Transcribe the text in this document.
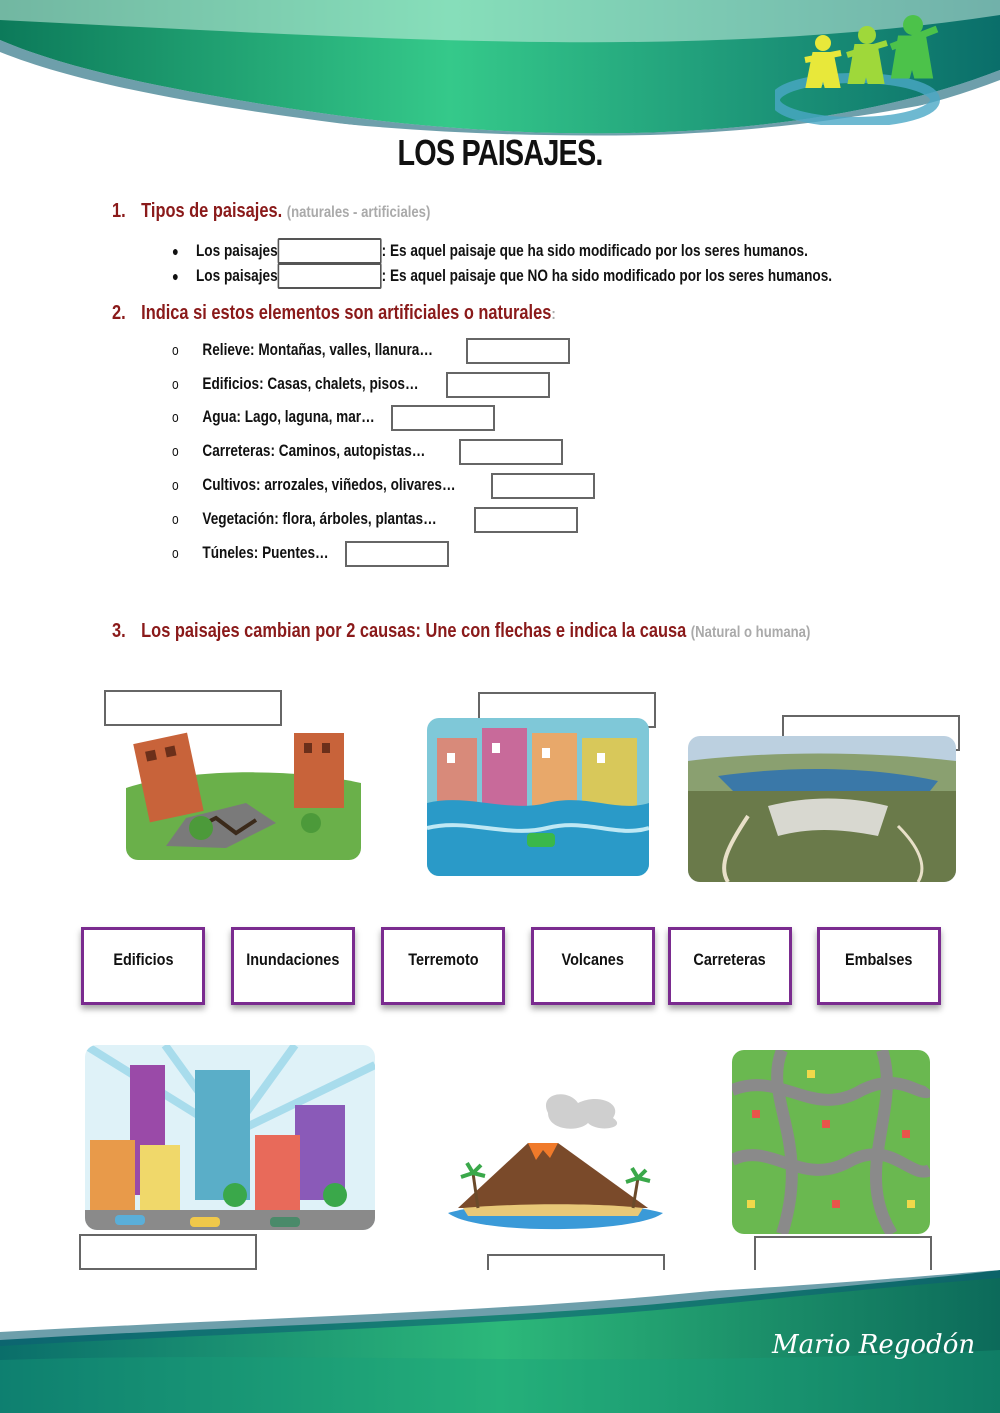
LOS PAISAJES.
1. Tipos de paisajes. (naturales - artificiales)
●	Los paisajes	: Es aquel paisaje que ha sido modificado por los seres humanos.
●	Los paisajes	: Es aquel paisaje que NO ha sido modificado por los seres humanos.
2. Indica si estos elementos son artificiales o naturales:
o Relieve: Montañas, valles, llanura…
o Edificios: Casas, chalets, pisos…
o Agua: Lago, laguna, mar…
o Carreteras: Caminos, autopistas…
o Cultivos: arrozales, viñedos, olivares…
o Vegetación: flora, árboles, plantas…
o Túneles: Puentes…
3. Los paisajes cambian por 2 causas: Une con flechas e indica la causa (Natural o humana)
Edificios	Inundaciones	Terremoto	Volcanes	Carreteras	Embalses
Mario Regodón
